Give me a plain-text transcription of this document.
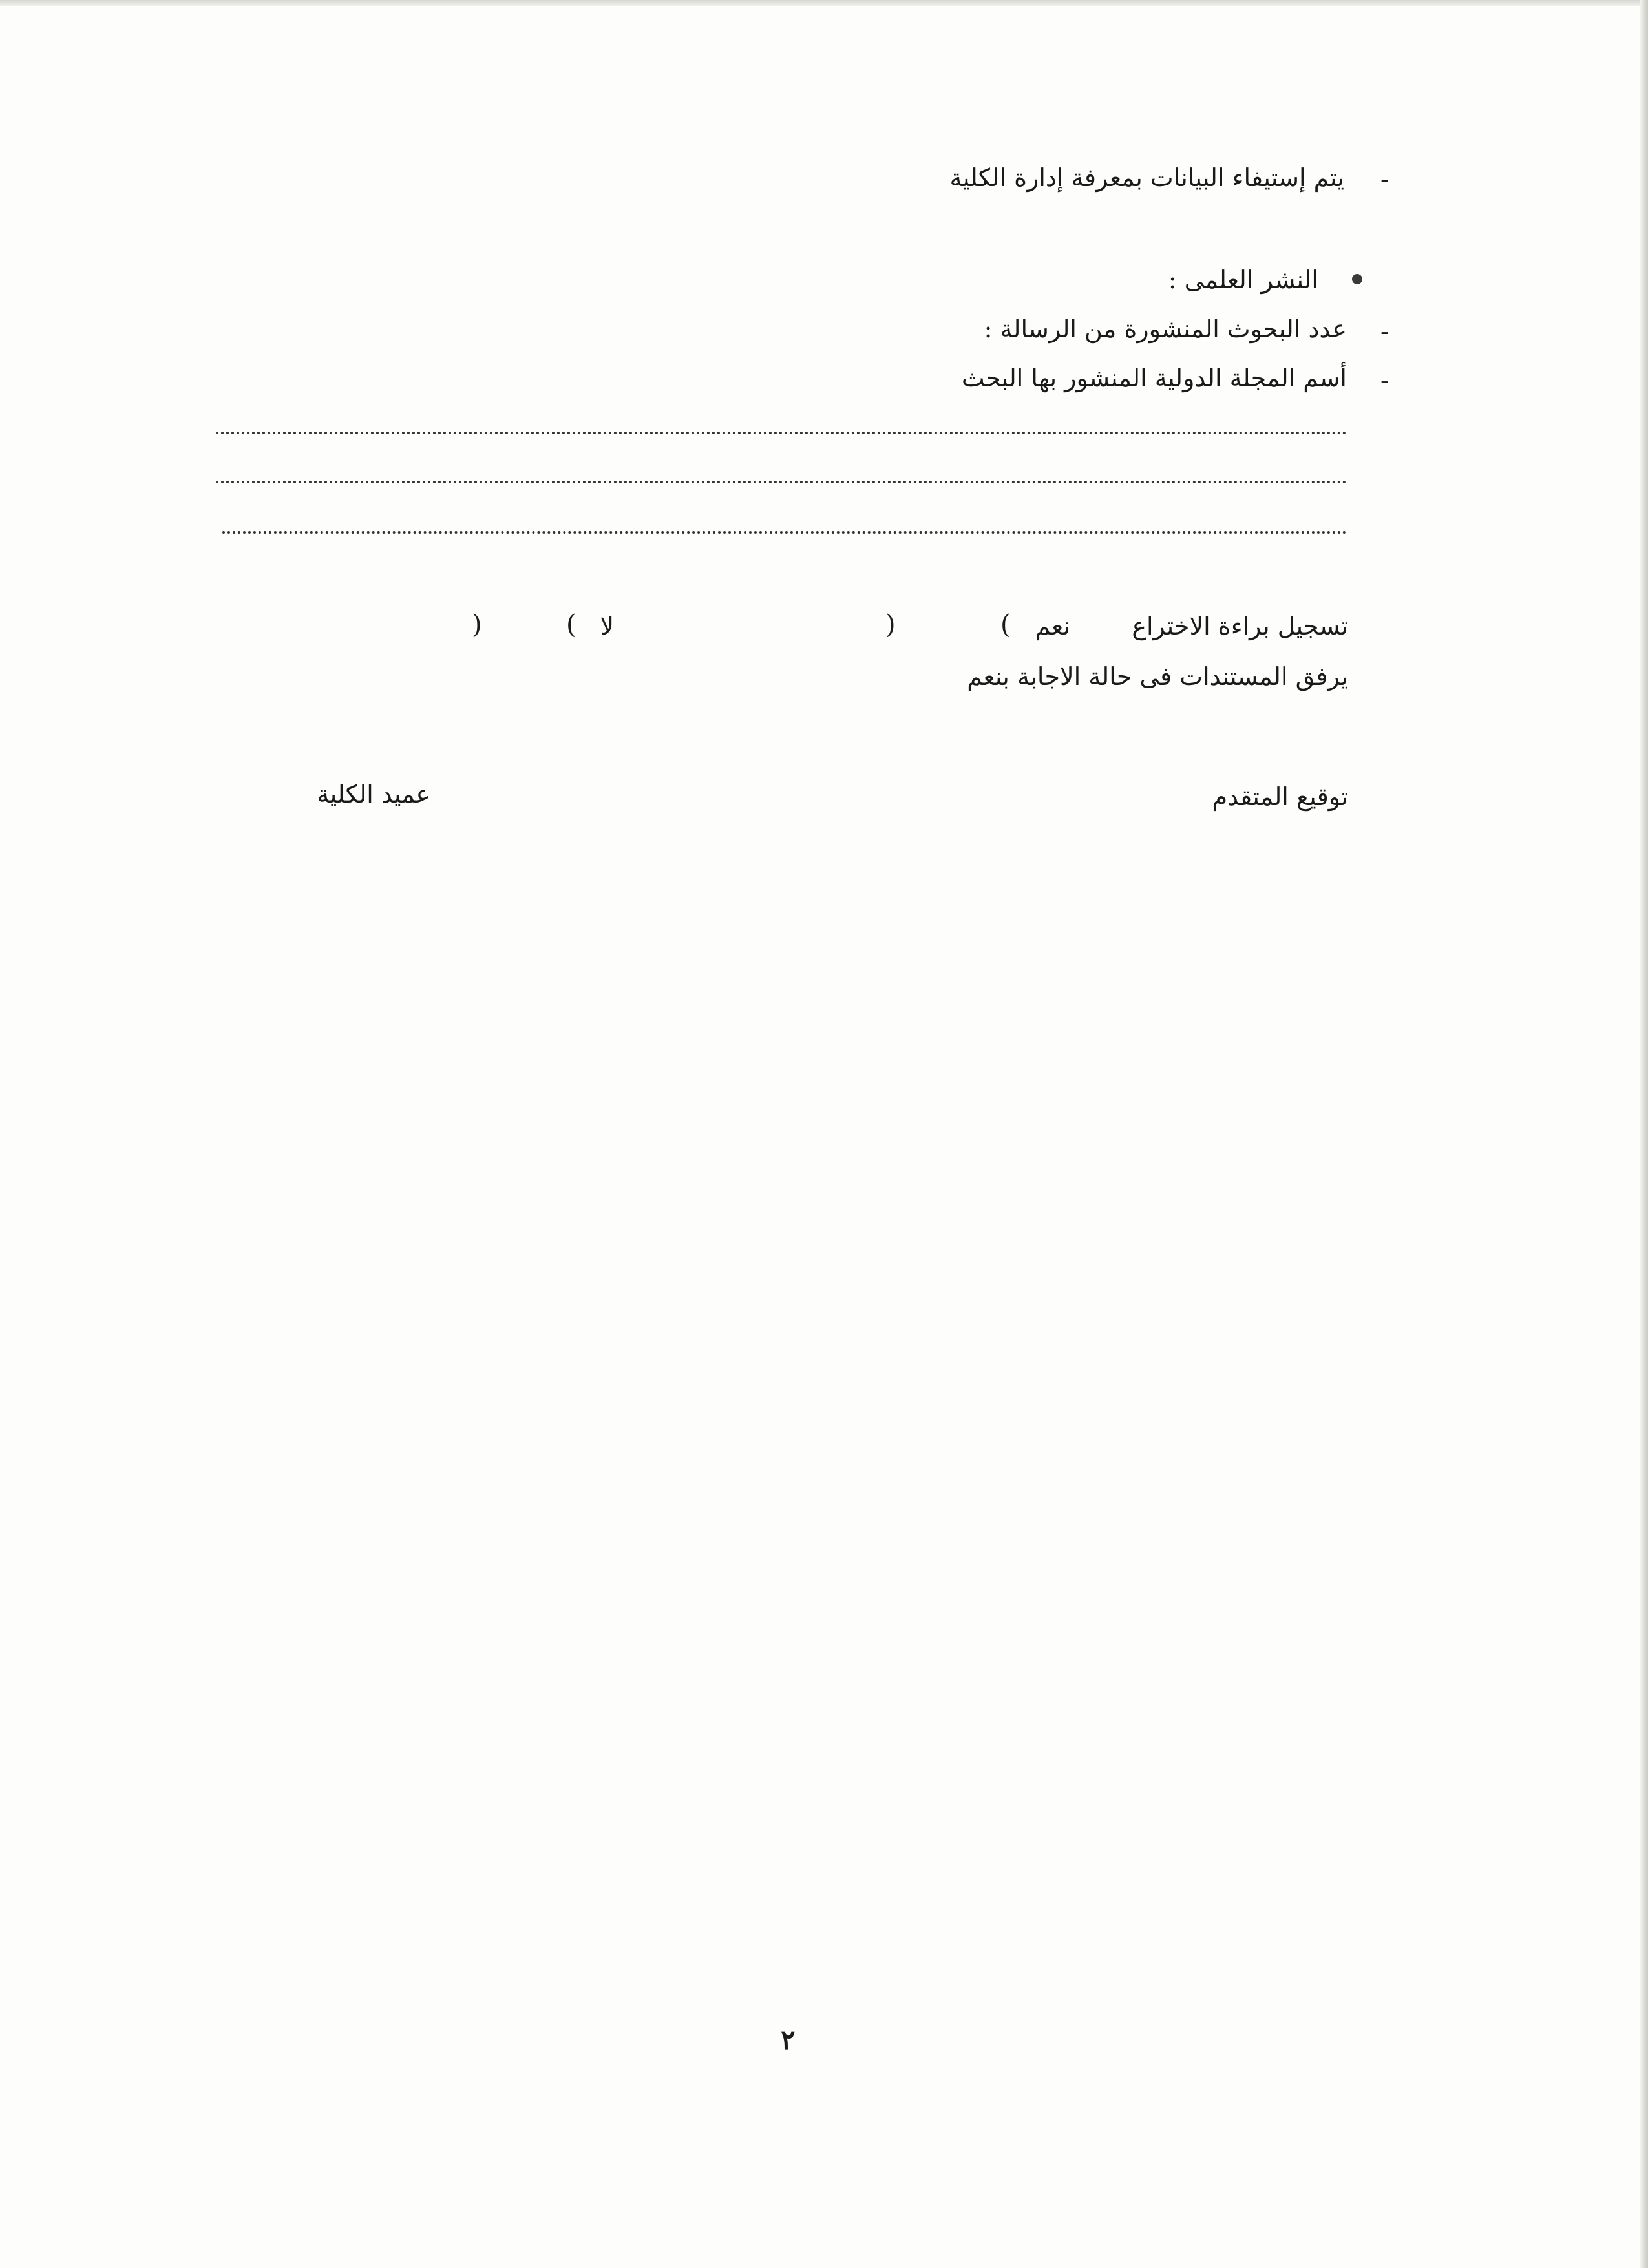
-
يتم إستيفاء البيانات بمعرفة إدارة الكلية
النشر العلمى :
-
عدد البحوث المنشورة من الرسالة :
-
أسم المجلة الدولية المنشور بها البحث
تسجيل براءة الاختراع
نعم
(
)
لا
(
)
يرفق المستندات فى حالة الاجابة بنعم
توقيع المتقدم
عميد الكلية
٢
